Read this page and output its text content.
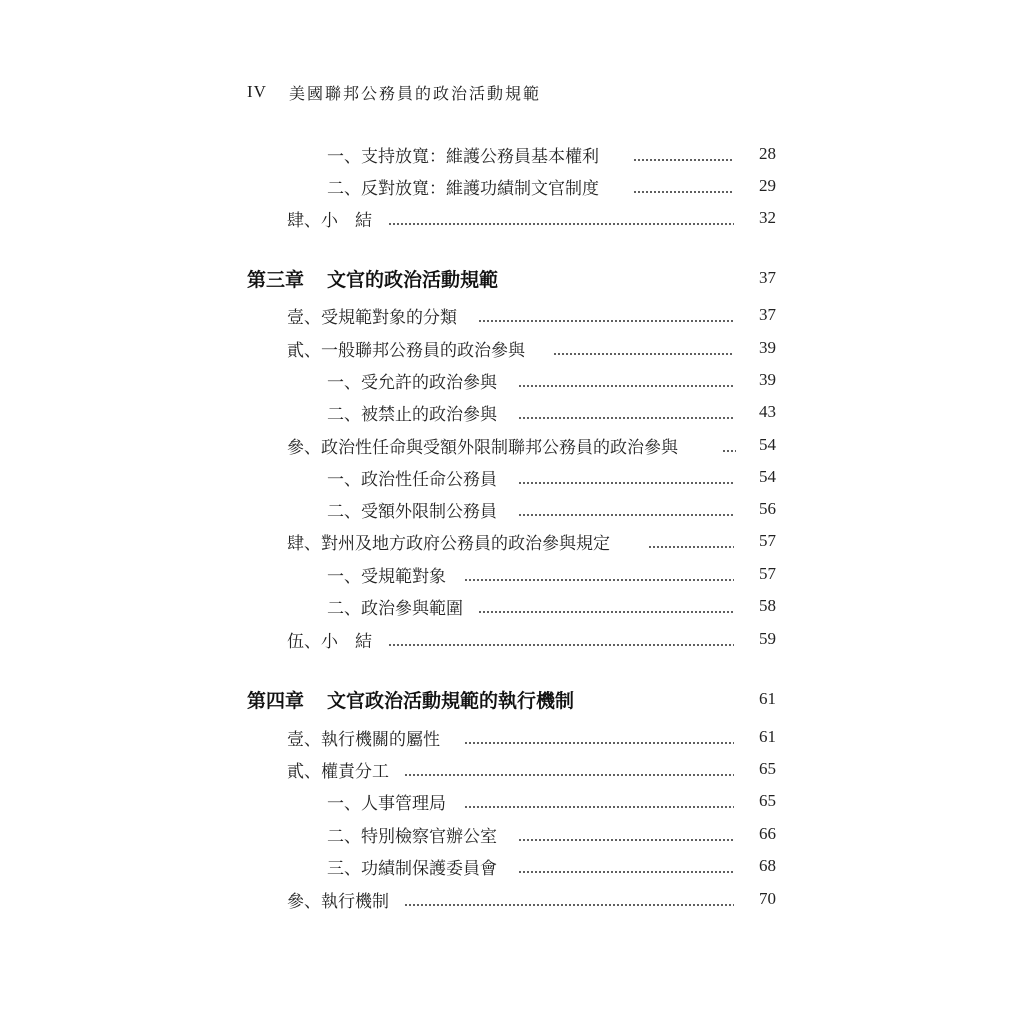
IV	美國聯邦公務員的政治活動規範
一、支持放寬：維護公務員基本權利	28
二、反對放寬：維護功績制文官制度	29
肆、小　結	32
第三章 文官的政治活動規範	37
壹、受規範對象的分類	37
貳、一般聯邦公務員的政治參與	39
一、受允許的政治參與	39
二、被禁止的政治參與	43
參、政治性任命與受額外限制聯邦公務員的政治參與	54
一、政治性任命公務員	54
二、受額外限制公務員	56
肆、對州及地方政府公務員的政治參與規定	57
一、受規範對象	57
二、政治參與範圍	58
伍、小　結	59
第四章 文官政治活動規範的執行機制	61
壹、執行機關的屬性	61
貳、權責分工	65
一、人事管理局	65
二、特別檢察官辦公室	66
三、功績制保護委員會	68
參、執行機制	70
